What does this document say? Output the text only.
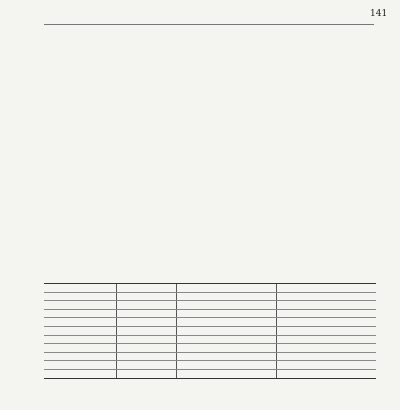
141
